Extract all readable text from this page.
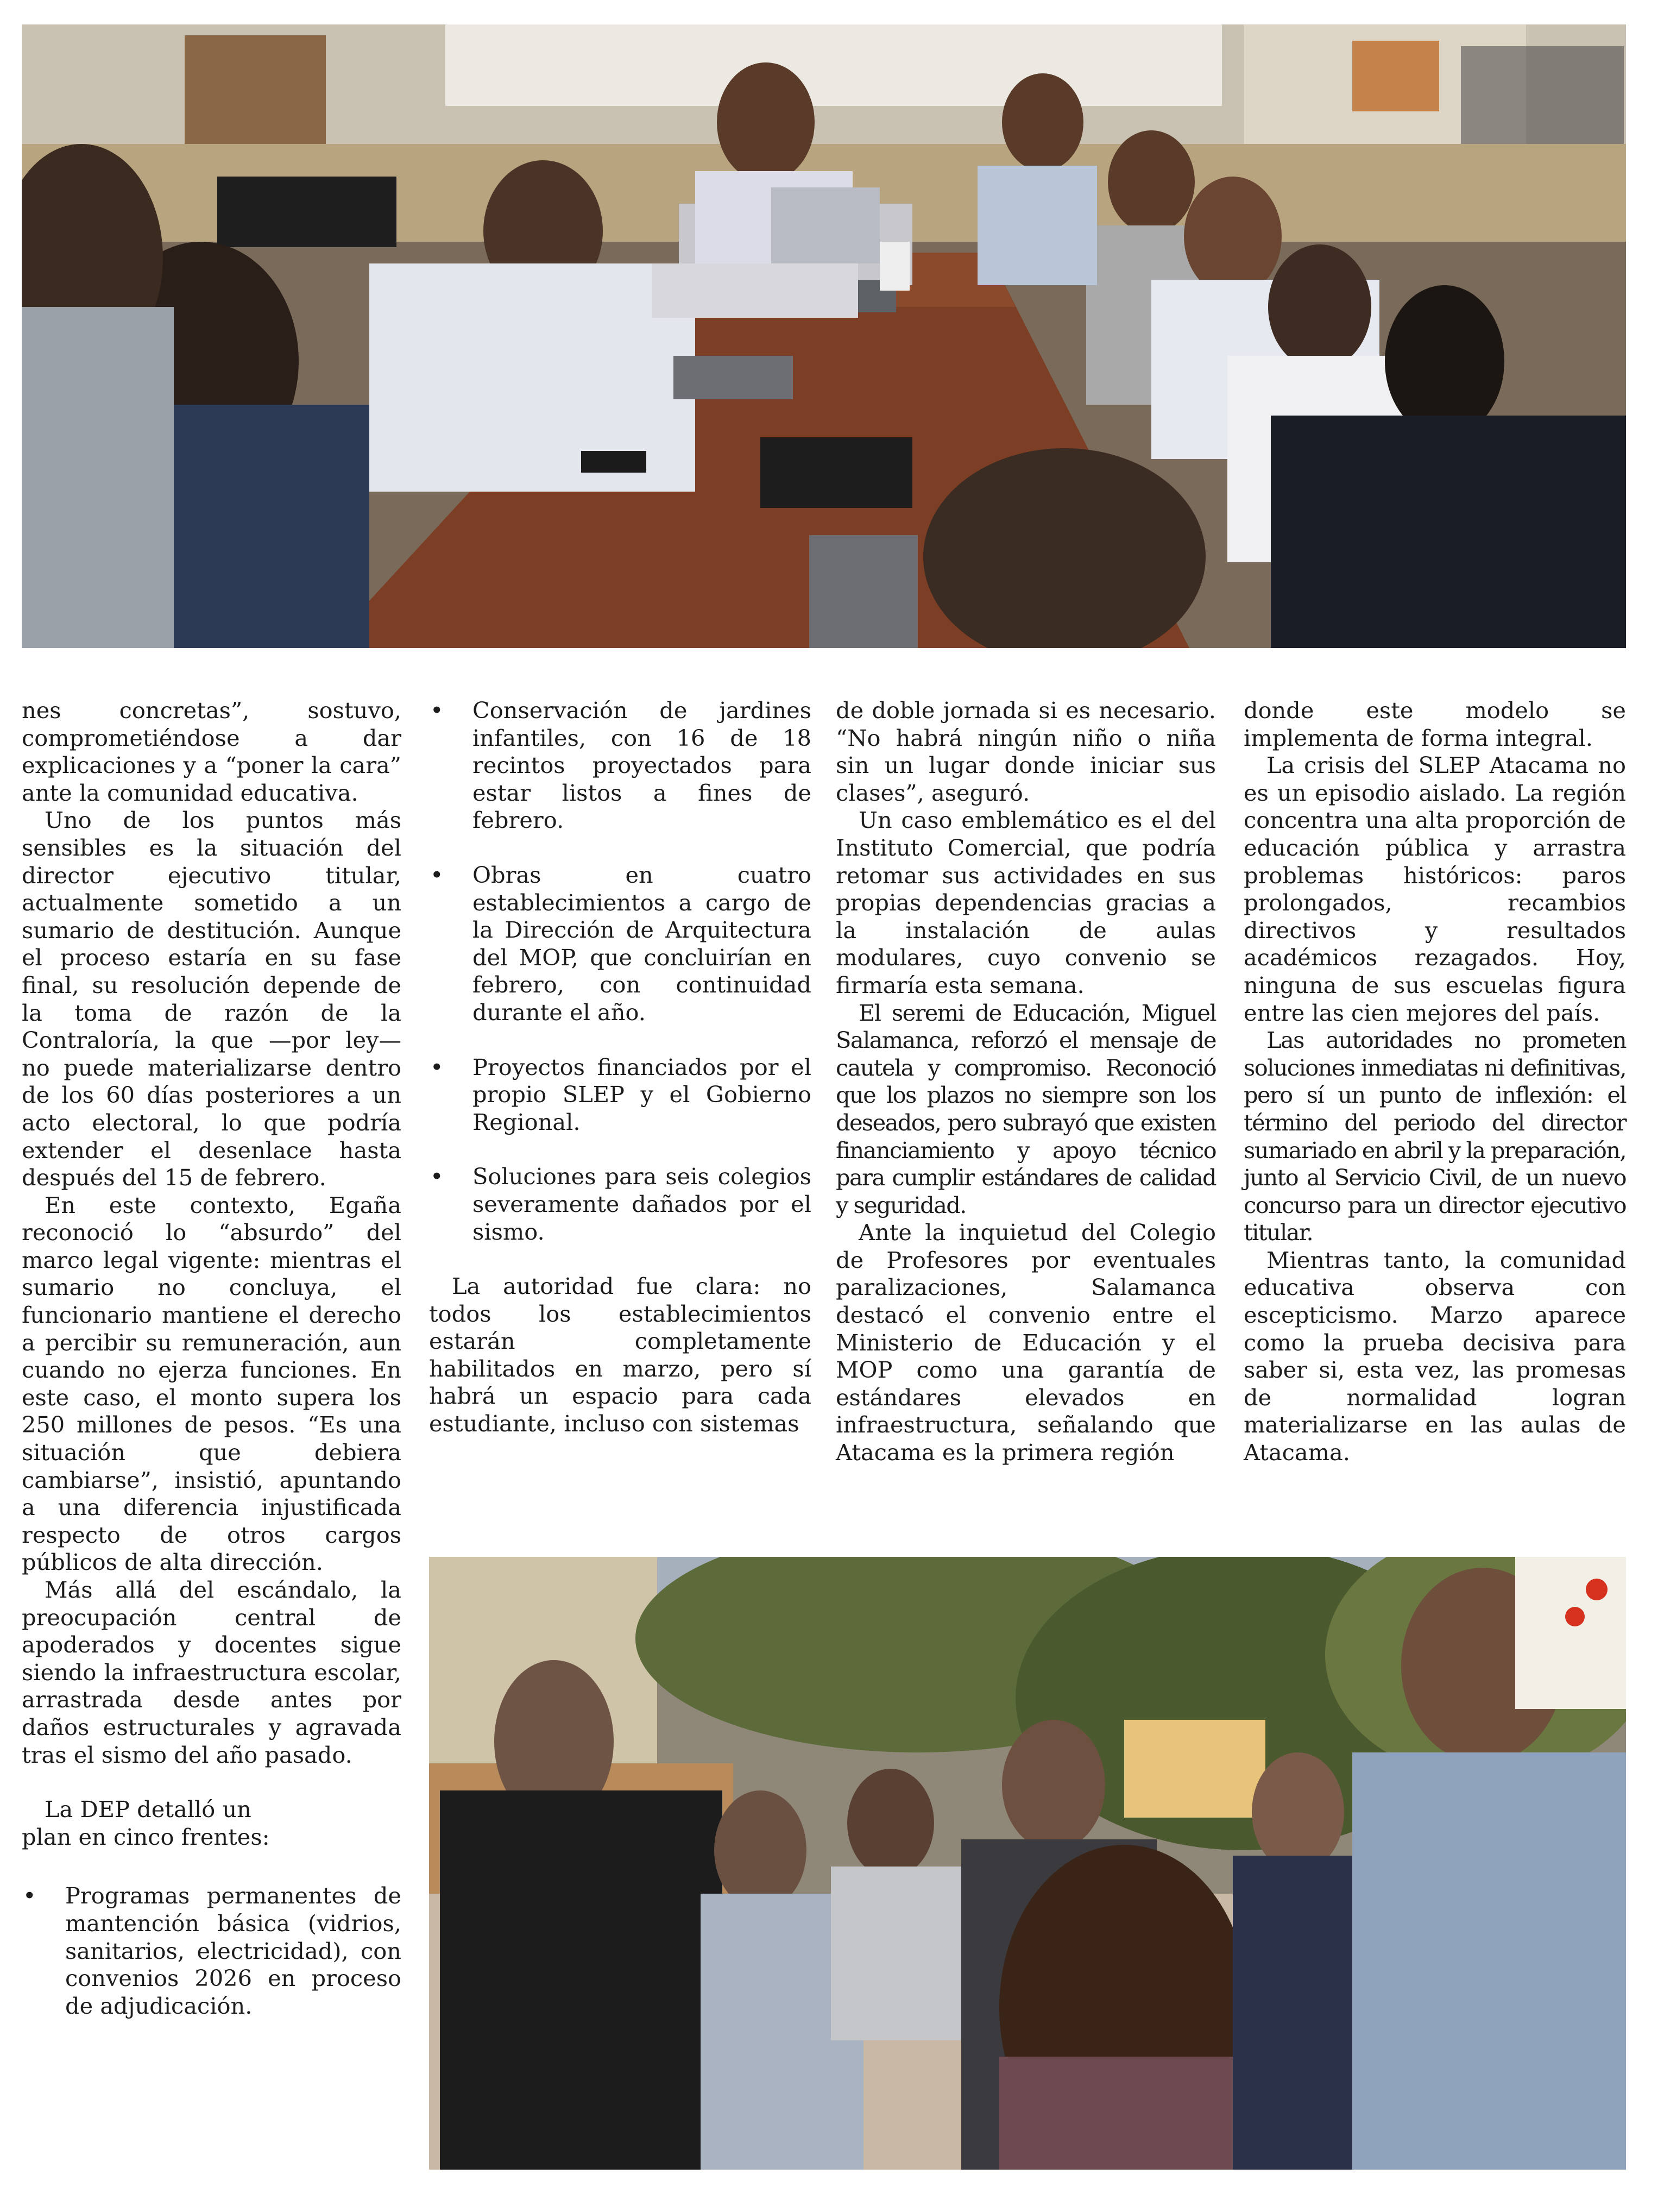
nes concretas”, sostuvo, comprometiéndose a dar explicaciones y a “poner la cara” ante la comunidad educativa.

Uno de los puntos más sensibles es la situación del director ejecutivo titular, actualmente sometido a un sumario de destitución. Aunque el proceso estaría en su fase final, su resolución depende de la toma de razón de la Contraloría, la que —por ley— no puede materializarse dentro de los 60 días posteriores a un acto electoral, lo que podría extender el desenlace hasta después del 15 de febrero.

En este contexto, Egaña reconoció lo “absurdo” del marco legal vigente: mientras el sumario no concluya, el funcionario mantiene el derecho a percibir su remuneración, aun cuando no ejerza funciones. En este caso, el monto supera los 250 millones de pesos. “Es una situación que debiera cambiarse”, insistió, apuntando a una diferencia injustificada respecto de otros cargos públicos de alta dirección.

Más allá del escándalo, la preocupación central de apoderados y docentes sigue siendo la infraestructura escolar, arrastrada desde antes por daños estructurales y agravada tras el sismo del año pasado.

La DEP detalló un plan en cinco frentes:

• Programas permanentes de mantención básica (vidrios, sanitarios, electricidad), con convenios 2026 en proceso de adjudicación.
• Conservación de jardines infantiles, con 16 de 18 recintos proyectados para estar listos a fines de febrero.
• Obras en cuatro establecimientos a cargo de la Dirección de Arquitectura del MOP, que concluirían en febrero, con continuidad durante el año.
• Proyectos financiados por el propio SLEP y el Gobierno Regional.
• Soluciones para seis colegios severamente dañados por el sismo.

La autoridad fue clara: no todos los establecimientos estarán completamente habilitados en marzo, pero sí habrá un espacio para cada estudiante, incluso con sistemas

de doble jornada si es necesario. “No habrá ningún niño o niña sin un lugar donde iniciar sus clases”, aseguró.

Un caso emblemático es el del Instituto Comercial, que podría retomar sus actividades en sus propias dependencias gracias a la instalación de aulas modulares, cuyo convenio se firmaría esta semana.

El seremi de Educación, Miguel Salamanca, reforzó el mensaje de cautela y compromiso. Reconoció que los plazos no siempre son los deseados, pero subrayó que existen financiamiento y apoyo técnico para cumplir estándares de calidad y seguridad.

Ante la inquietud del Colegio de Profesores por eventuales paralizaciones, Salamanca destacó el convenio entre el Ministerio de Educación y el MOP como una garantía de estándares elevados en infraestructura, señalando que Atacama es la primera región

donde este modelo se implementa de forma integral.

La crisis del SLEP Atacama no es un episodio aislado. La región concentra una alta proporción de educación pública y arrastra problemas históricos: paros prolongados, recambios directivos y resultados académicos rezagados. Hoy, ninguna de sus escuelas figura entre las cien mejores del país.

Las autoridades no prometen soluciones inmediatas ni definitivas, pero sí un punto de inflexión: el término del periodo del director sumariado en abril y la preparación, junto al Servicio Civil, de un nuevo concurso para un director ejecutivo titular.

Mientras tanto, la comunidad educativa observa con escepticismo. Marzo aparece como la prueba decisiva para saber si, esta vez, las promesas de normalidad logran materializarse en las aulas de Atacama.
